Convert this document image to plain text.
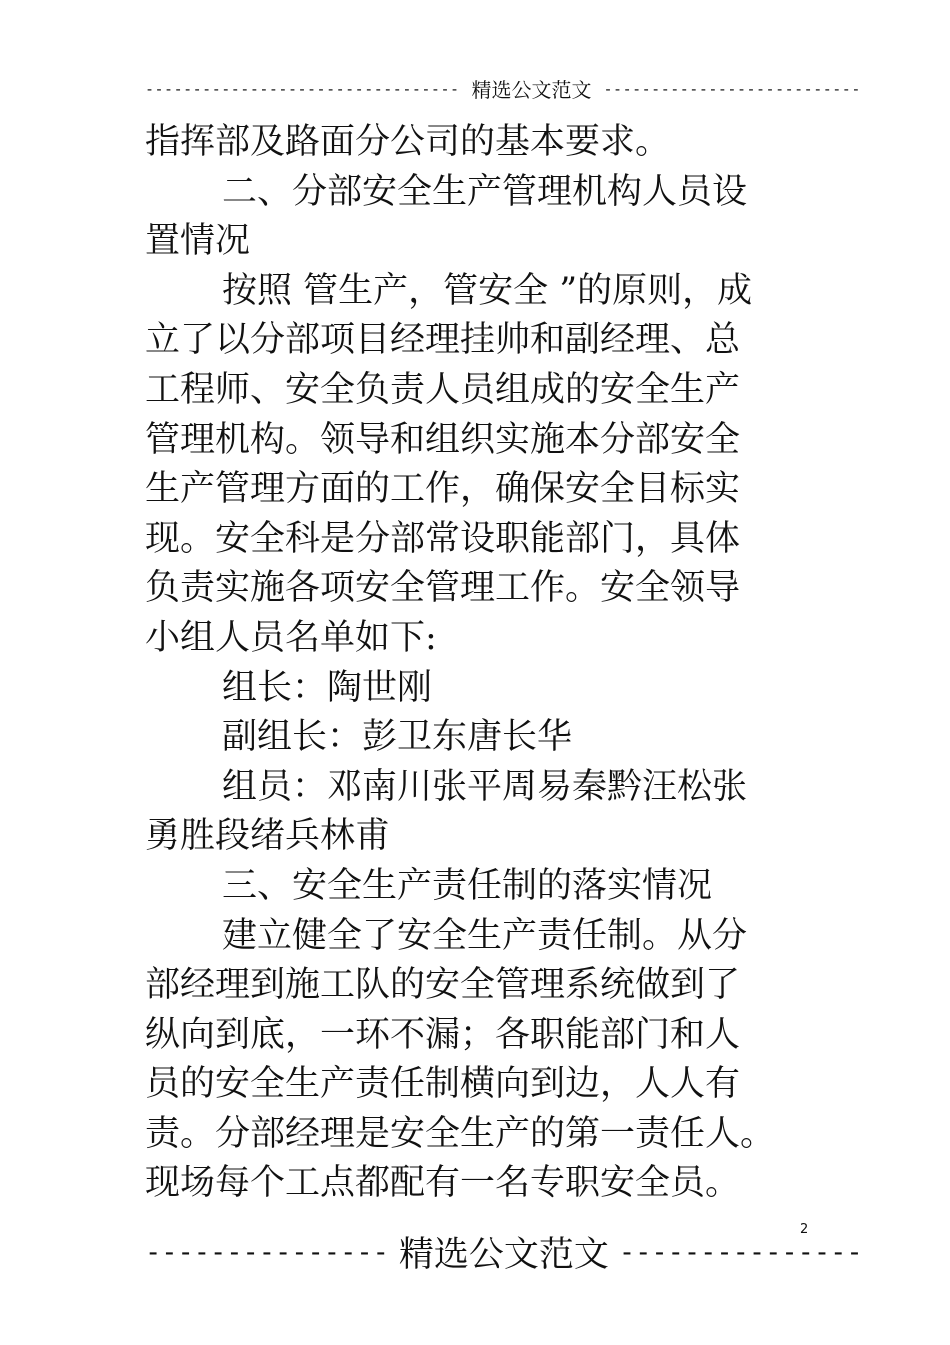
--------------------------------- 精选公文范文 ---------------------------
指挥部及路面分公司的基本要求。
二、分部安全生产管理机构人员设
置情况
按照 管生产，管安全 ”的原则，成
立了以分部项目经理挂帅和副经理、总
工程师、安全负责人员组成的安全生产
管理机构。领导和组织实施本分部安全
生产管理方面的工作，确保安全目标实
现。安全科是分部常设职能部门，具体
负责实施各项安全管理工作。安全领导
小组人员名单如下:
组长：陶世刚
副组长：彭卫东唐长华
组员：邓南川张平周易秦黔汪松张
勇胜段绪兵林甫
三、安全生产责任制的落实情况
建立健全了安全生产责任制。从分
部经理到施工队的安全管理系统做到了
纵向到底，一环不漏；各职能部门和人
员的安全生产责任制横向到边，人人有
责。分部经理是安全生产的第一责任人。
现场每个工点都配有一名专职安全员。
2
--------------- 精选公文范文 ---------------
